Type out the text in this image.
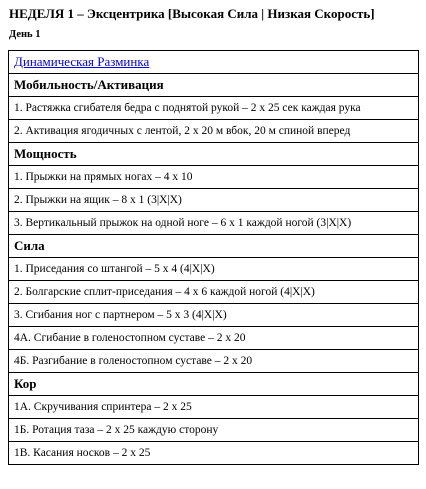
НЕДЕЛЯ 1 – Эксцентрика [Высокая Сила | Низкая Скорость]
День 1
Динамическая Разминка
Мобильность/Активация
1. Растяжка сгибателя бедра с поднятой рукой – 2 x 25 сек каждая рука
2. Активация ягодичных с лентой, 2 x 20 м вбок, 20 м спиной вперед
Мощность
1. Прыжки на прямых ногах – 4 x 10
2. Прыжки на ящик – 8 x 1 (3|X|X)
3. Вертикальный прыжок на одной ноге – 6 x 1 каждой ногой (3|X|X)
Сила
1. Приседания со штангой – 5 x 4 (4|X|X)
2. Болгарские сплит-приседания – 4 x 6 каждой ногой (4|X|X)
3. Сгибания ног с партнером – 5 x 3 (4|X|X)
4А. Сгибание в голеностопном суставе – 2 x 20
4Б. Разгибание в голеностопном суставе – 2 x 20
Кор
1А. Скручивания спринтера – 2 x 25
1Б. Ротация таза – 2 x 25 каждую сторону
1В. Касания носков – 2 x 25
